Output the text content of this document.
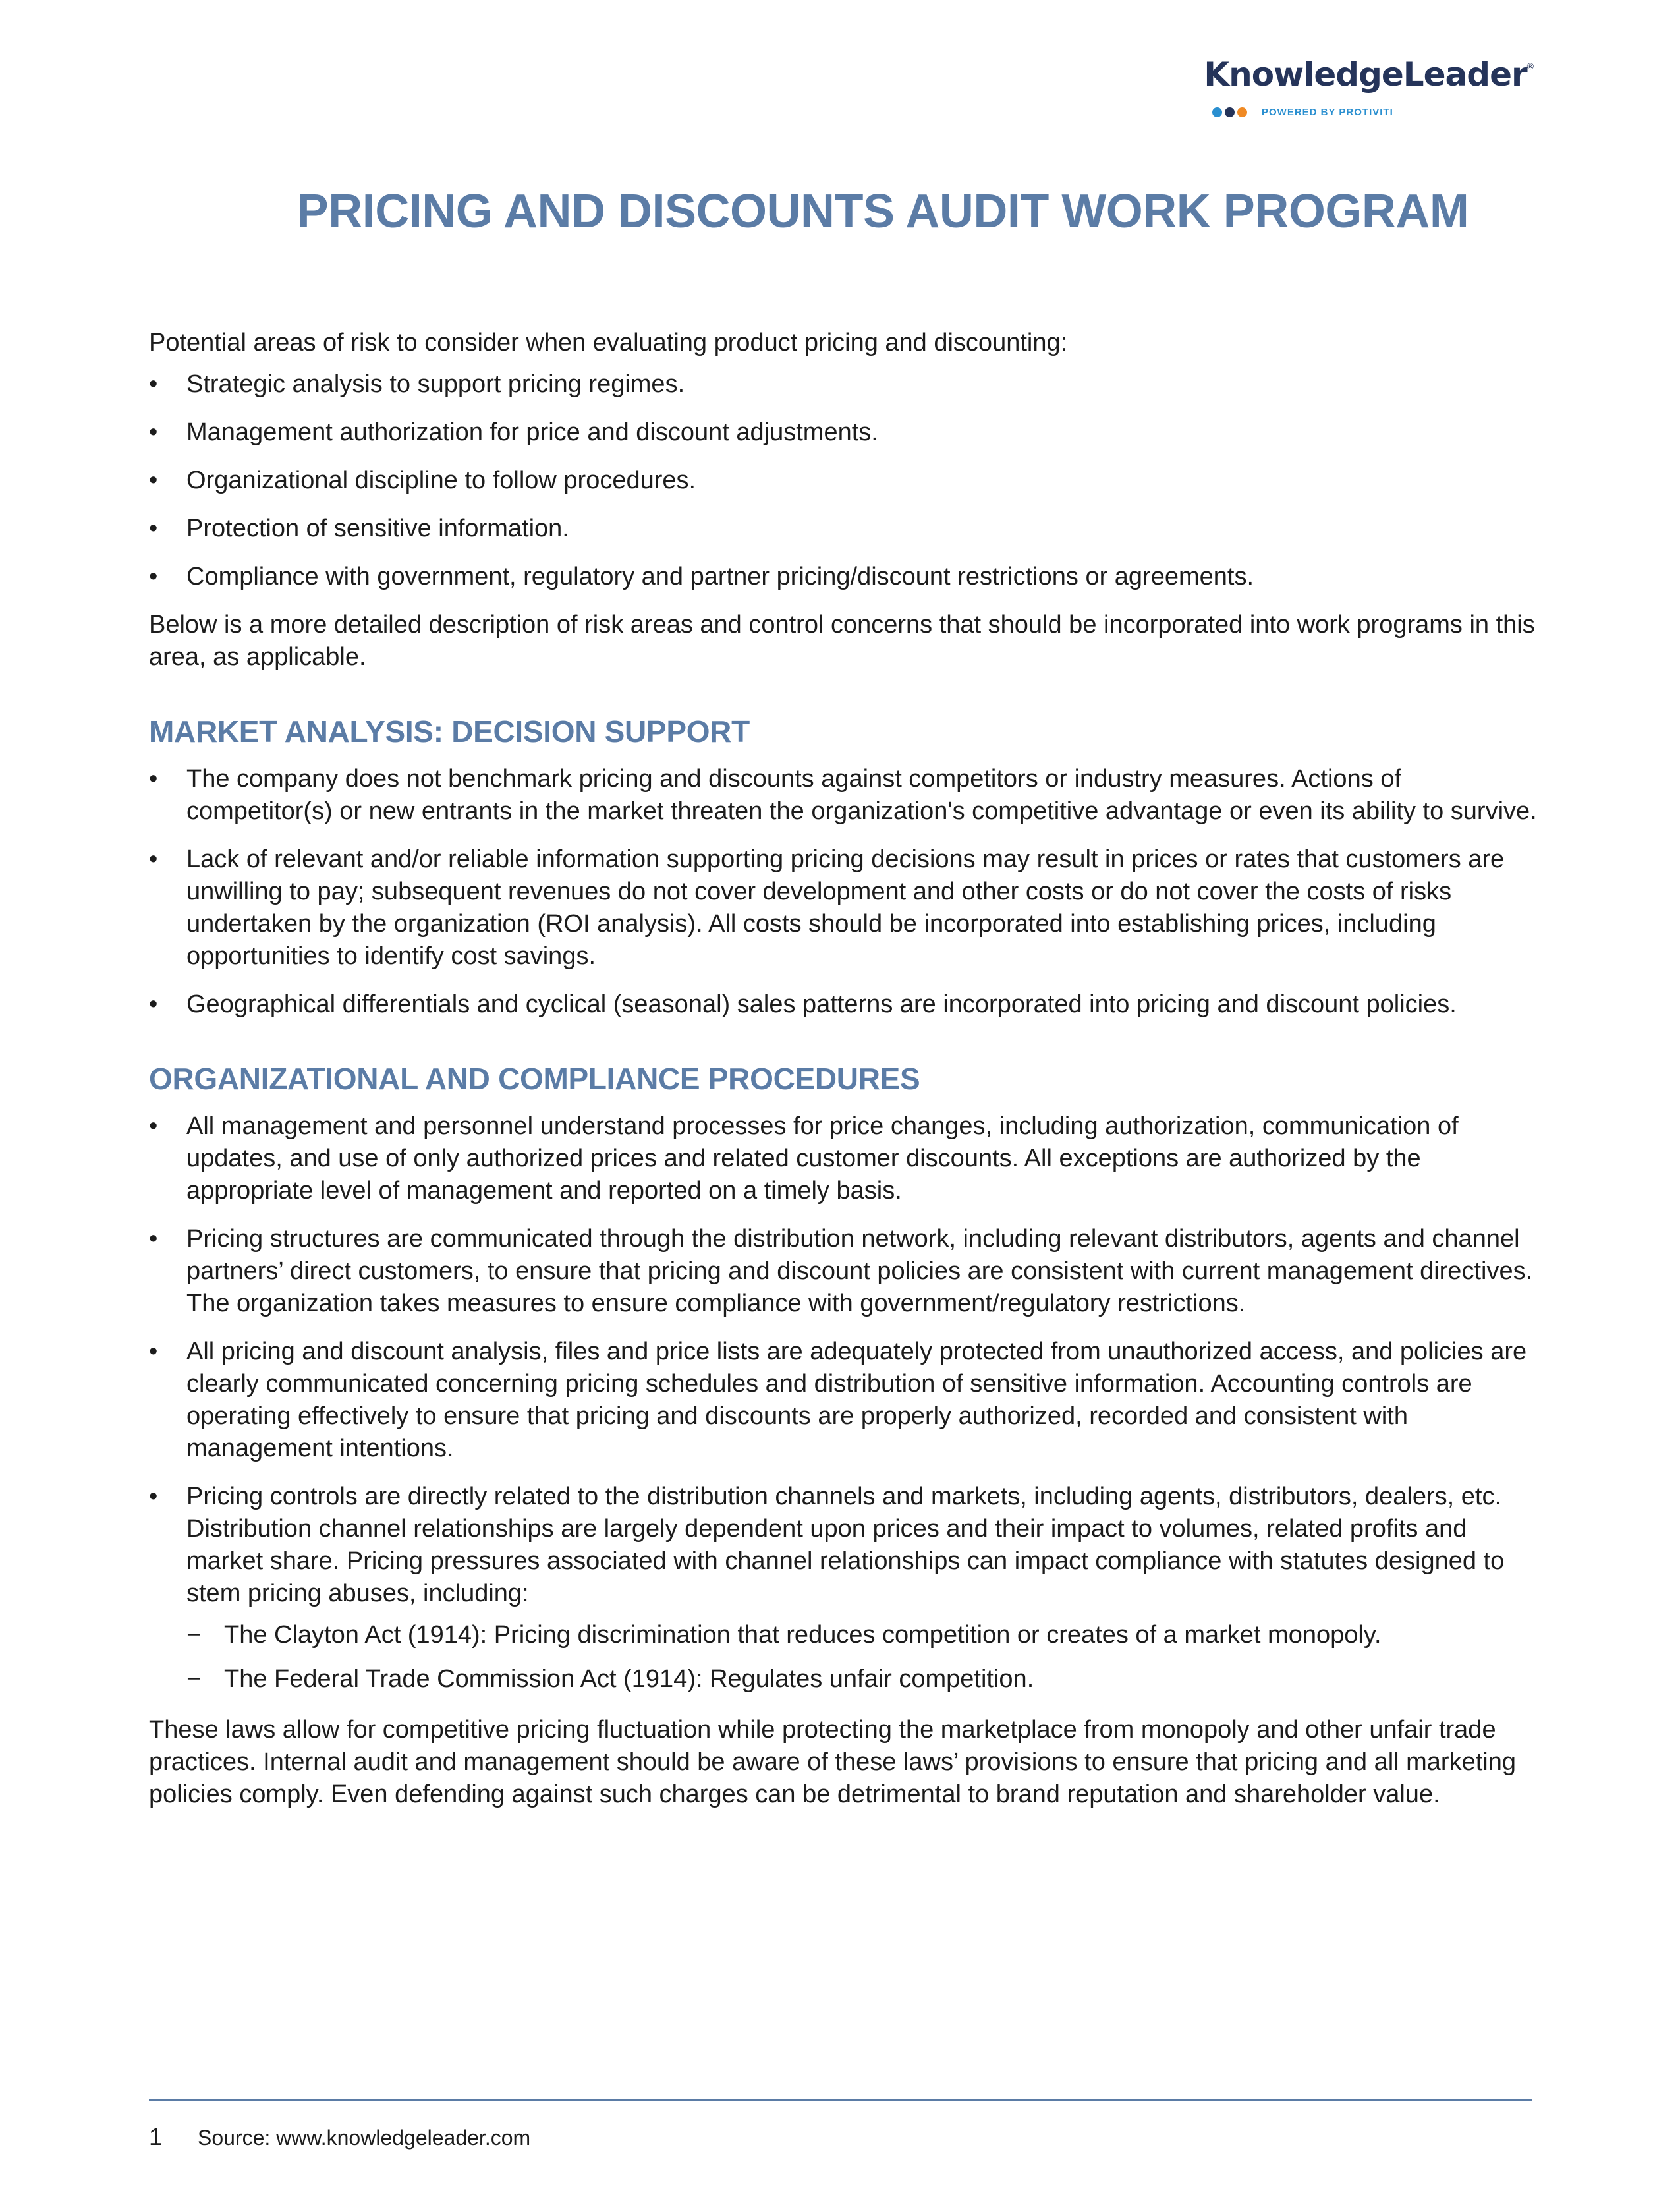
KnowledgeLeader®
POWERED BY PROTIVITI
PRICING AND DISCOUNTS AUDIT WORK PROGRAM

Potential areas of risk to consider when evaluating product pricing and discounting:

• Strategic analysis to support pricing regimes.
• Management authorization for price and discount adjustments.
• Organizational discipline to follow procedures.
• Protection of sensitive information.
• Compliance with government, regulatory and partner pricing/discount restrictions or agreements.

Below is a more detailed description of risk areas and control concerns that should be incorporated into work programs in this area, as applicable.

MARKET ANALYSIS: DECISION SUPPORT
• The company does not benchmark pricing and discounts against competitors or industry measures. Actions of competitor(s) or new entrants in the market threaten the organization's competitive advantage or even its ability to survive.
• Lack of relevant and/or reliable information supporting pricing decisions may result in prices or rates that customers are unwilling to pay; subsequent revenues do not cover development and other costs or do not cover the costs of risks undertaken by the organization (ROI analysis). All costs should be incorporated into establishing prices, including opportunities to identify cost savings.
• Geographical differentials and cyclical (seasonal) sales patterns are incorporated into pricing and discount policies.
ORGANIZATIONAL AND COMPLIANCE PROCEDURES
• All management and personnel understand processes for price changes, including authorization, communication of updates, and use of only authorized prices and related customer discounts. All exceptions are authorized by the appropriate level of management and reported on a timely basis.
• Pricing structures are communicated through the distribution network, including relevant distributors, agents and channel partners’ direct customers, to ensure that pricing and discount policies are consistent with current management directives. The organization takes measures to ensure compliance with government/regulatory restrictions.
• All pricing and discount analysis, files and price lists are adequately protected from unauthorized access, and policies are clearly communicated concerning pricing schedules and distribution of sensitive information. Accounting controls are operating effectively to ensure that pricing and discounts are properly authorized, recorded and consistent with management intentions.
• Pricing controls are directly related to the distribution channels and markets, including agents, distributors, dealers, etc. Distribution channel relationships are largely dependent upon prices and their impact to volumes, related profits and market share. Pricing pressures associated with channel relationships can impact compliance with statutes designed to stem pricing abuses, including:
− The Clayton Act (1914): Pricing discrimination that reduces competition or creates of a market monopoly.
− The Federal Trade Commission Act (1914): Regulates unfair competition.

These laws allow for competitive pricing fluctuation while protecting the marketplace from monopoly and other unfair trade practices. Internal audit and management should be aware of these laws’ provisions to ensure that pricing and all marketing policies comply. Even defending against such charges can be detrimental to brand reputation and shareholder value.

1 Source: www.knowledgeleader.com
